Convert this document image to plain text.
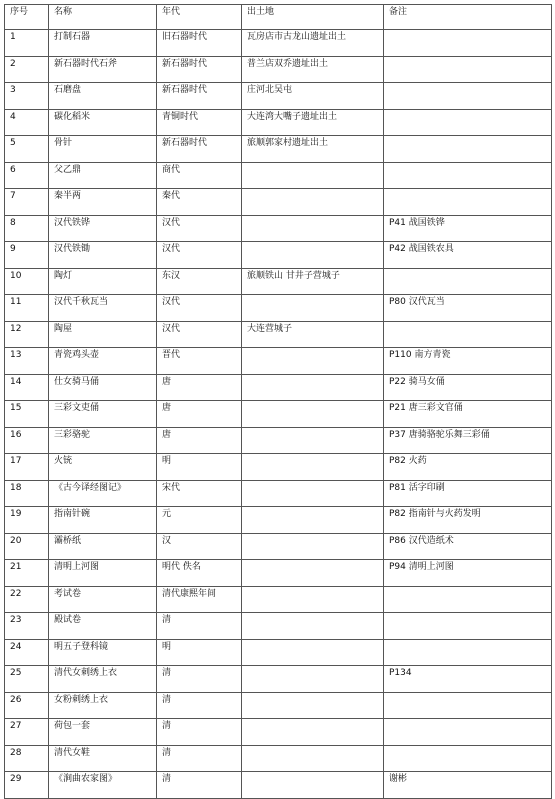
序号	名称	年代	出土地	备注
1	打制石器	旧石器时代	瓦房店市古龙山遗址出土	
2	新石器时代石斧	新石器时代	普兰店双乔遗址出土	
3	石磨盘	新石器时代	庄河北吴屯	
4	碳化稻米	青铜时代	大连湾大嘴子遗址出土	
5	骨针	新石器时代	旅顺郭家村遗址出土	
6	父乙鼎	商代		
7	秦半两	秦代		
8	汉代铁铧	汉代		P41 战国铁铧
9	汉代铁锄	汉代		P42 战国铁农具
10	陶灯	东汉	旅顺铁山 甘井子营城子	
11	汉代千秋瓦当	汉代		P80 汉代瓦当
12	陶屋	汉代	大连营城子	
13	青瓷鸡头壶	晋代		P110 南方青瓷
14	仕女骑马俑	唐		P22 骑马女俑
15	三彩文吏俑	唐		P21 唐三彩文官俑
16	三彩骆驼	唐		P37 唐骑骆驼乐舞三彩俑
17	火铳	明		P82 火药
18	《古今译经图记》	宋代		P81 活字印刷
19	指南针碗	元		P82 指南针与火药发明
20	灞桥纸	汉		P86 汉代造纸术
21	清明上河图	明代 佚名		P94 清明上河图
22	考试卷	清代康熙年间		
23	殿试卷	清		
24	明五子登科镜	明		
25	清代女刺绣上衣	清		P134
26	女粉刺绣上衣	清		
27	荷包一套	清		
28	清代女鞋	清		
29	《涧曲农家图》	清		谢彬
